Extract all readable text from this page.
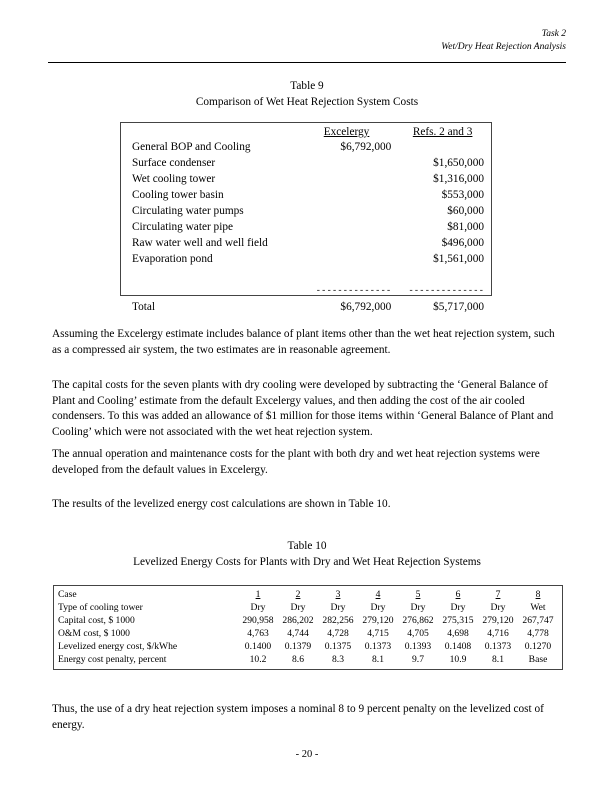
Task 2
Wet/Dry Heat Rejection Analysis
Table 9
Comparison of Wet Heat Rejection System Costs
	Excelergy	Refs. 2 and 3
General BOP and Cooling	$6,792,000	
Surface condenser		$1,650,000
Wet cooling tower		$1,316,000
Cooling tower basin		$553,000
Circulating water pumps		$60,000
Circulating water pipe		$81,000
Raw water well and well field		$496,000
Evaporation pond		$1,561,000

	--------------	--------------
Total	$6,792,000	$5,717,000
Assuming the Excelergy estimate includes balance of plant items other than the wet heat rejection system, such as a compressed air system, the two estimates are in reasonable agreement.
The capital costs for the seven plants with dry cooling were developed by subtracting the ‘General Balance of Plant and Cooling’ estimate from the default Excelergy values, and then adding the cost of the air cooled condensers. To this was added an allowance of $1 million for those items within ‘General Balance of Plant and Cooling’ which were not associated with the wet heat rejection system.
The annual operation and maintenance costs for the plant with both dry and wet heat rejection systems were developed from the default values in Excelergy.
The results of the levelized energy cost calculations are shown in Table 10.
Table 10
Levelized Energy Costs for Plants with Dry and Wet Heat Rejection Systems
Case	1	2	3	4	5	6	7	8
Type of cooling tower	Dry	Dry	Dry	Dry	Dry	Dry	Dry	Wet
Capital cost, $ 1000	290,958	286,202	282,256	279,120	276,862	275,315	279,120	267,747
O&M cost, $ 1000	4,763	4,744	4,728	4,715	4,705	4,698	4,716	4,778
Levelized energy cost, $/kWhe	0.1400	0.1379	0.1375	0.1373	0.1393	0.1408	0.1373	0.1270
Energy cost penalty, percent	10.2	8.6	8.3	8.1	9.7	10.9	8.1	Base
Thus, the use of a dry heat rejection system imposes a nominal 8 to 9 percent penalty on the levelized cost of energy.
- 20 -
